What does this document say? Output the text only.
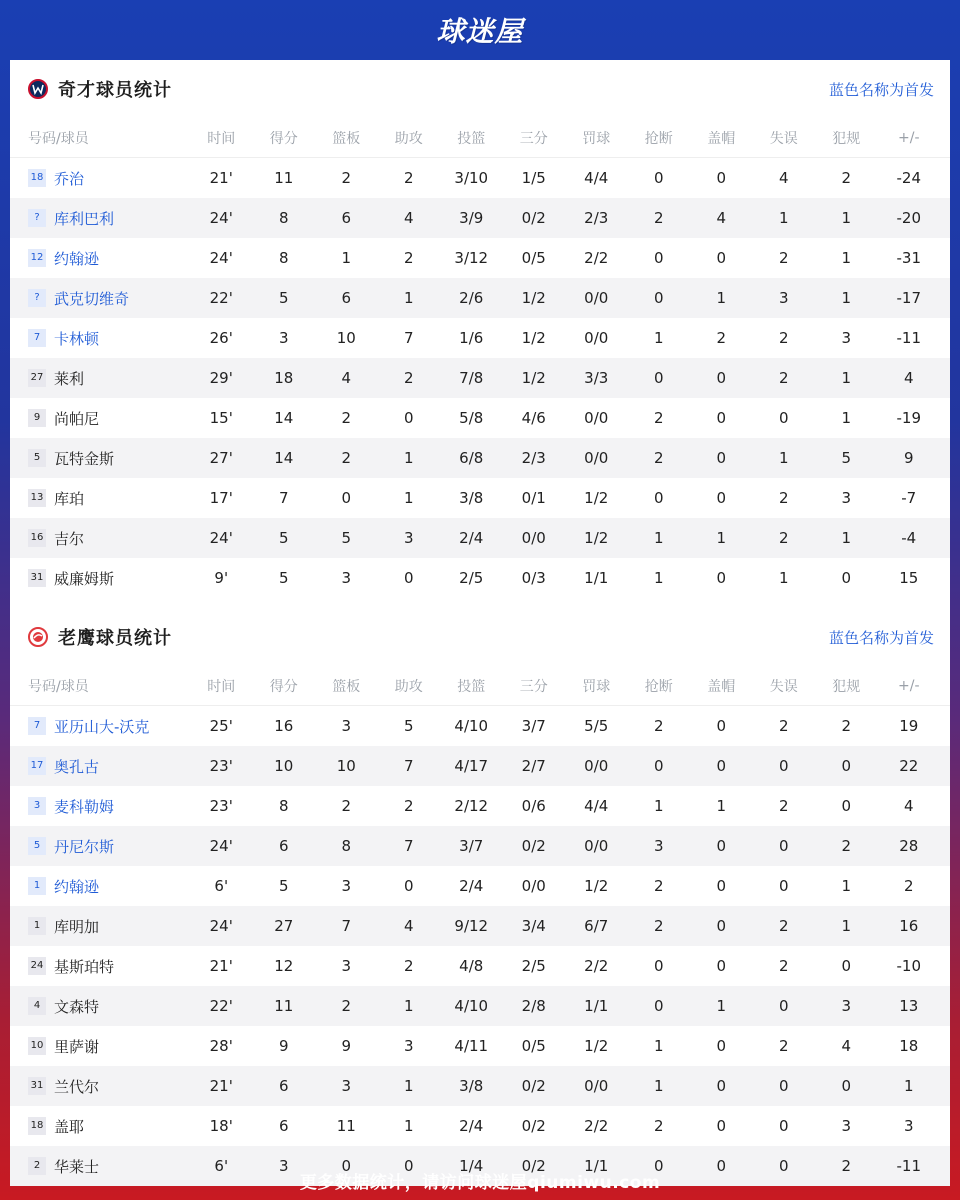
球迷屋
奇才球员统计	蓝色名称为首发
号码/球员	时间	得分	篮板	助攻	投篮	三分	罚球	抢断	盖帽	失误	犯规	+/-
18 乔治	21'	11	2	2	3/10	1/5	4/4	0	0	4	2	-24
? 库利巴利	24'	8	6	4	3/9	0/2	2/3	2	4	1	1	-20
12 约翰逊	24'	8	1	2	3/12	0/5	2/2	0	0	2	1	-31
? 武克切维奇	22'	5	6	1	2/6	1/2	0/0	0	1	3	1	-17
7 卡林顿	26'	3	10	7	1/6	1/2	0/0	1	2	2	3	-11
27 莱利	29'	18	4	2	7/8	1/2	3/3	0	0	2	1	4
9 尚帕尼	15'	14	2	0	5/8	4/6	0/0	2	0	0	1	-19
5 瓦特金斯	27'	14	2	1	6/8	2/3	0/0	2	0	1	5	9
13 库珀	17'	7	0	1	3/8	0/1	1/2	0	0	2	3	-7
16 吉尔	24'	5	5	3	2/4	0/0	1/2	1	1	2	1	-4
31 威廉姆斯	9'	5	3	0	2/5	0/3	1/1	1	0	1	0	15
老鹰球员统计	蓝色名称为首发
号码/球员	时间	得分	篮板	助攻	投篮	三分	罚球	抢断	盖帽	失误	犯规	+/-
7 亚历山大-沃克	25'	16	3	5	4/10	3/7	5/5	2	0	2	2	19
17 奥孔古	23'	10	10	7	4/17	2/7	0/0	0	0	0	0	22
3 麦科勒姆	23'	8	2	2	2/12	0/6	4/4	1	1	2	0	4
5 丹尼尔斯	24'	6	8	7	3/7	0/2	0/0	3	0	0	2	28
1 约翰逊	6'	5	3	0	2/4	0/0	1/2	2	0	0	1	2
1 库明加	24'	27	7	4	9/12	3/4	6/7	2	0	2	1	16
24 基斯珀特	21'	12	3	2	4/8	2/5	2/2	0	0	2	0	-10
4 文森特	22'	11	2	1	4/10	2/8	1/1	0	1	0	3	13
10 里萨谢	28'	9	9	3	4/11	0/5	1/2	1	0	2	4	18
31 兰代尔	21'	6	3	1	3/8	0/2	0/0	1	0	0	0	1
18 盖耶	18'	6	11	1	2/4	0/2	2/2	2	0	0	3	3
2 华莱士	6'	3	0	0	1/4	0/2	1/1	0	0	0	2	-11
更多数据统计，请访问球迷屋qiumiwu.com
